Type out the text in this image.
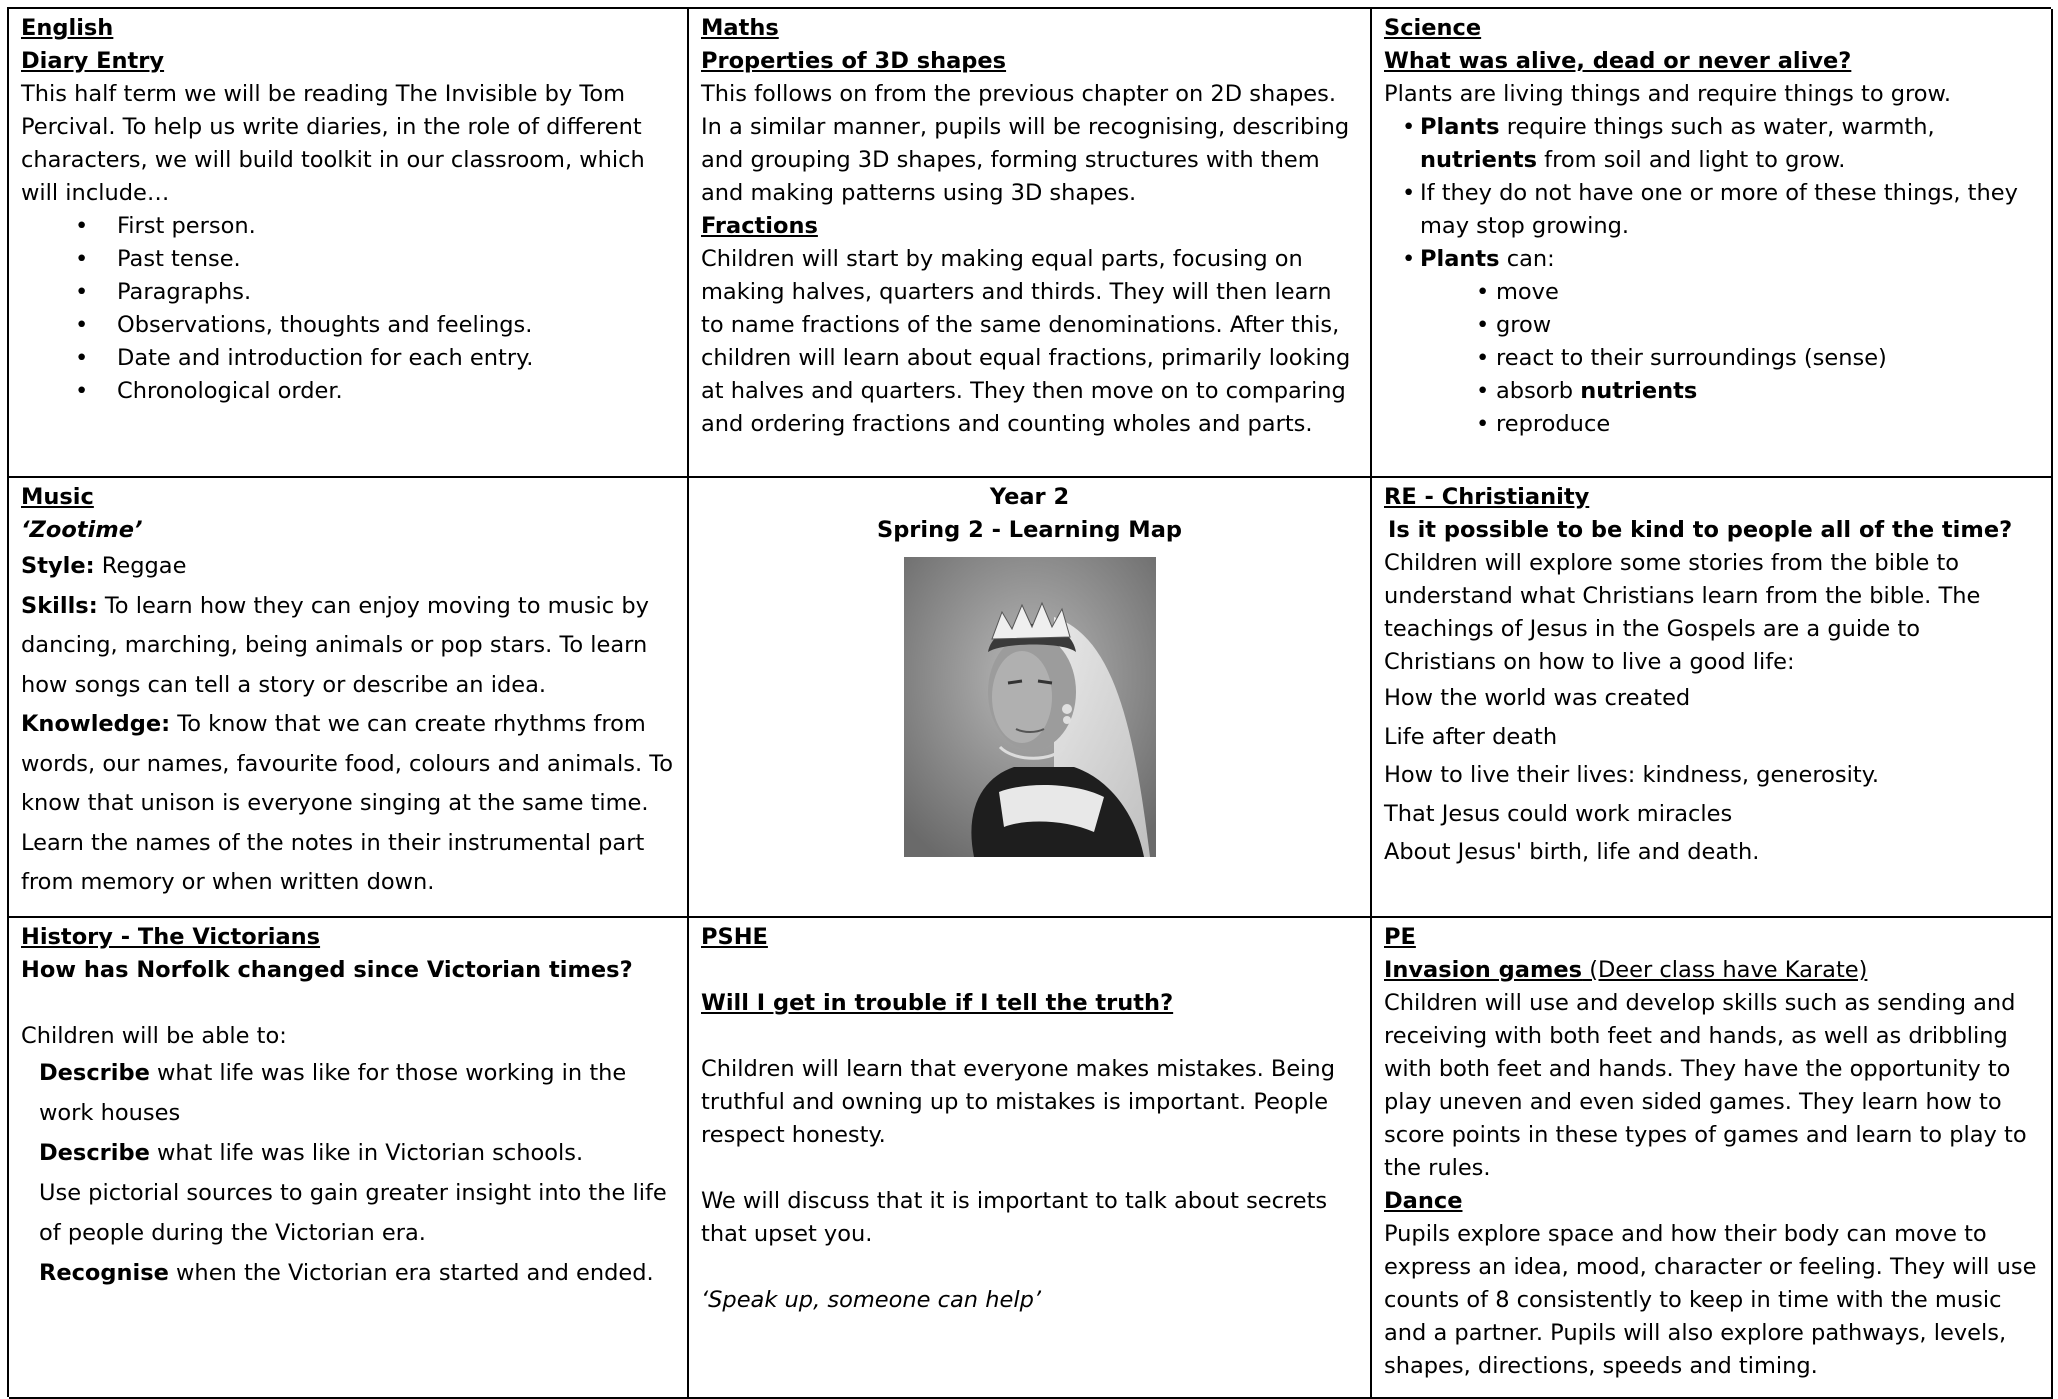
English

Diary Entry

This half term we will be reading The Invisible by Tom Percival. To help us write diaries, in the role of different characters, we will build toolkit in our classroom, which will include…

• First person.
• Past tense.
• Paragraphs.
• Observations, thoughts and feelings.
• Date and introduction for each entry.
• Chronological order.

Maths

Properties of 3D shapes

This follows on from the previous chapter on 2D shapes. In a similar manner, pupils will be recognising, describing and grouping 3D shapes, forming structures with them and making patterns using 3D shapes.

Fractions

Children will start by making equal parts, focusing on making halves, quarters and thirds. They will then learn to name fractions of the same denominations. After this, children will learn about equal fractions, primarily looking at halves and quarters. They then move on to comparing and ordering fractions and counting wholes and parts.

Science

What was alive, dead or never alive?

Plants are living things and require things to grow.

• Plants require things such as water, warmth, nutrients from soil and light to grow.
• If they do not have one or more of these things, they may stop growing.
• Plants can:
• move
• grow
• react to their surroundings (sense)
• absorb nutrients
• reproduce

Music

‘Zootime’

Style: Reggae

Skills: To learn how they can enjoy moving to music by dancing, marching, being animals or pop stars. To learn how songs can tell a story or describe an idea.

Knowledge: To know that we can create rhythms from words, our names, favourite food, colours and animals. To know that unison is everyone singing at the same time. Learn the names of the notes in their instrumental part from memory or when written down.

Year 2

Spring 2 - Learning Map

RE - Christianity

Is it possible to be kind to people all of the time?

Children will explore some stories from the bible to understand what Christians learn from the bible. The teachings of Jesus in the Gospels are a guide to Christians on how to live a good life:

How the world was created

Life after death

How to live their lives: kindness, generosity.

That Jesus could work miracles

About Jesus' birth, life and death.

History - The Victorians

How has Norfolk changed since Victorian times?

Children will be able to:

Describe what life was like for those working in the work houses

Describe what life was like in Victorian schools.

Use pictorial sources to gain greater insight into the life of people during the Victorian era.

Recognise when the Victorian era started and ended.

PSHE

Will I get in trouble if I tell the truth?

Children will learn that everyone makes mistakes. Being truthful and owning up to mistakes is important. People respect honesty.

We will discuss that it is important to talk about secrets that upset you.

‘Speak up, someone can help’

PE

Invasion games (Deer class have Karate)

Children will use and develop skills such as sending and receiving with both feet and hands, as well as dribbling with both feet and hands. They have the opportunity to play uneven and even sided games. They learn how to score points in these types of games and learn to play to the rules.

Dance

Pupils explore space and how their body can move to express an idea, mood, character or feeling. They will use counts of 8 consistently to keep in time with the music and a partner. Pupils will also explore pathways, levels, shapes, directions, speeds and timing.
